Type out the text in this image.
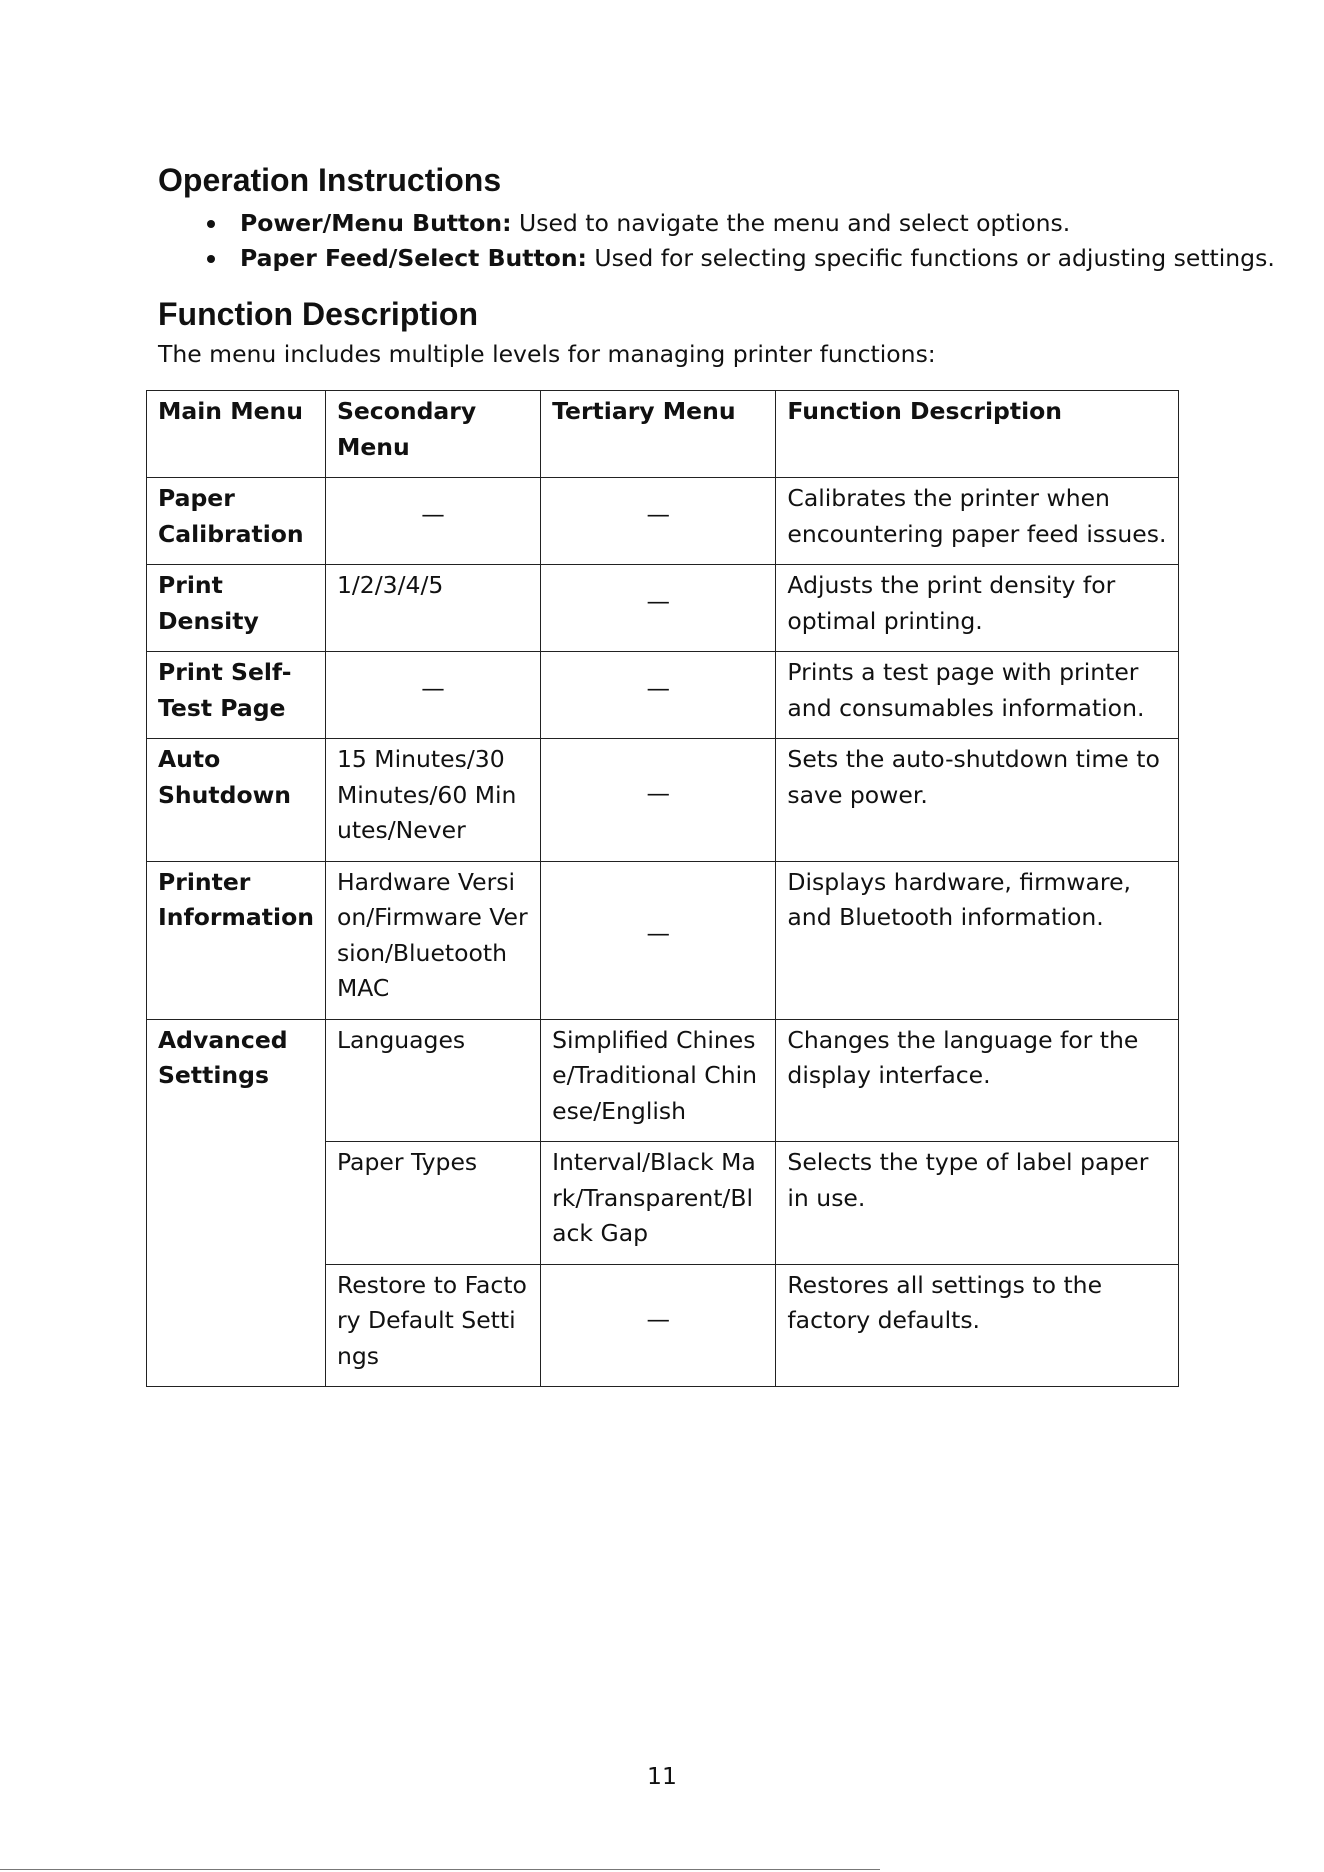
Operation Instructions
Power/Menu Button: Used to navigate the menu and select options.
Paper Feed/Select Button: Used for selecting specific functions or adjusting settings.
Function Description
The menu includes multiple levels for managing printer functions:
Main Menu	Secondary Menu	Tertiary Menu	Function Description
Paper Calibration	—	—	Calibrates the printer when encountering paper feed issues.
Print Density	1/2/3/4/5	—	Adjusts the print density for optimal printing.
Print Self-Test Page	—	—	Prints a test page with printer and consumables information.
Auto Shutdown	15 Minutes/30 Minutes/60 Minutes/Never	—	Sets the auto-shutdown time to save power.
Printer Information	Hardware Version/Firmware Version/Bluetooth MAC	—	Displays hardware, firmware, and Bluetooth information.
Advanced Settings	Languages	Simplified Chinese/Traditional Chinese/English	Changes the language for the display interface.
	Paper Types	Interval/Black Mark/Transparent/Black Gap	Selects the type of label paper in use.
	Restore to Factory Default Settings	—	Restores all settings to the factory defaults.
11
